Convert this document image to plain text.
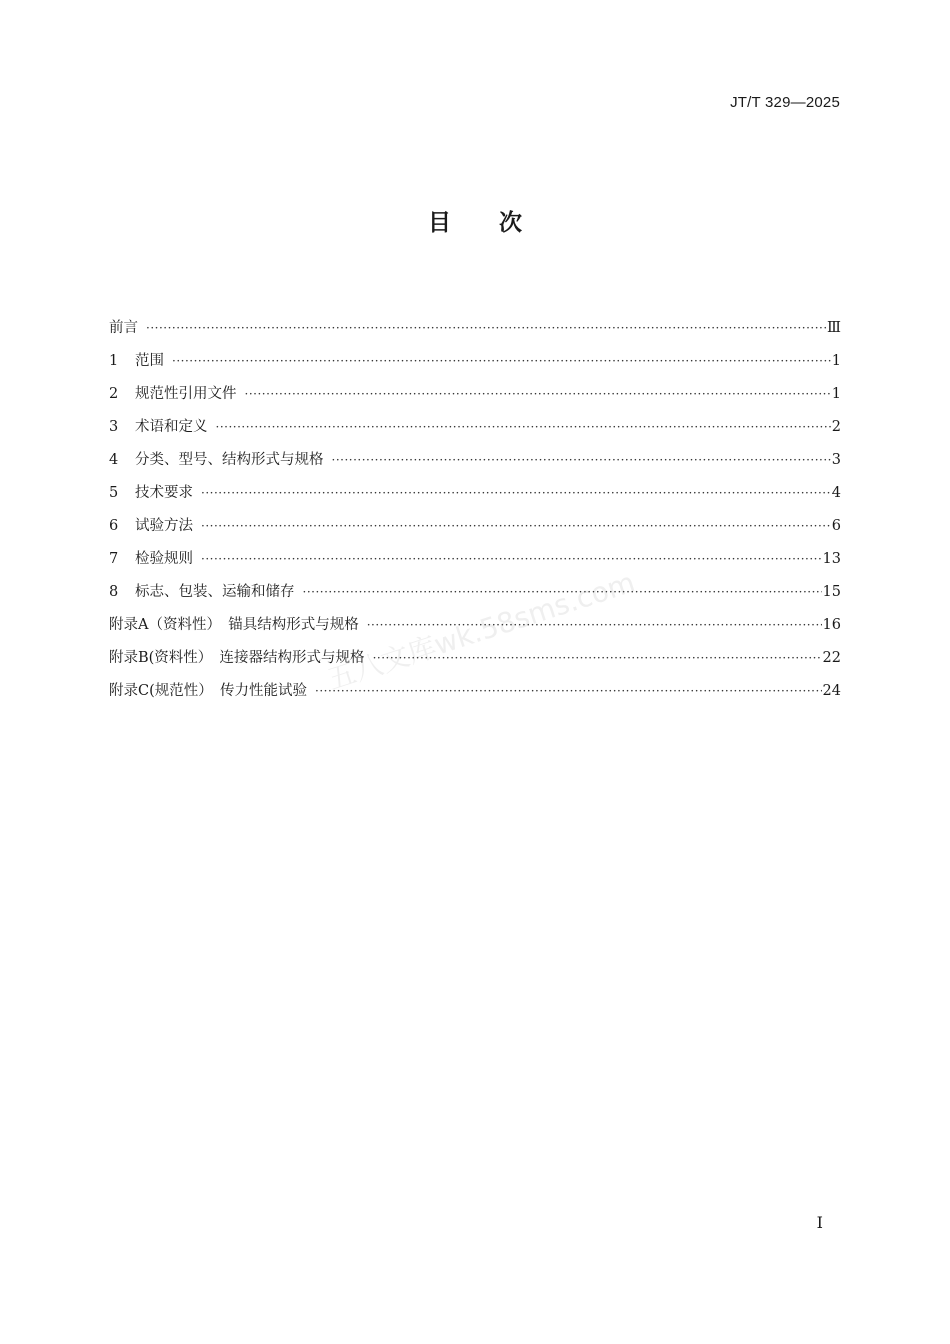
JT/T 329—2025
目次
前言 ·····	Ⅲ
1	范围 ·····	1
2	规范性引用文件 ·····	1
3	术语和定义 ·····	2
4	分类、型号、结构形式与规格 ·····	3
5	技术要求 ·····	4
6	试验方法 ·····	6
7	检验规则 ·····	13
8	标志、包装、运输和储存 ·····	15
附录A（资料性）　锚具结构形式与规格 ·····	16
附录B(资料性）　连接器结构形式与规格 ·····	22
附录C(规范性）　传力性能试验 ·····	24
五八文库wk.58sms.com
I
